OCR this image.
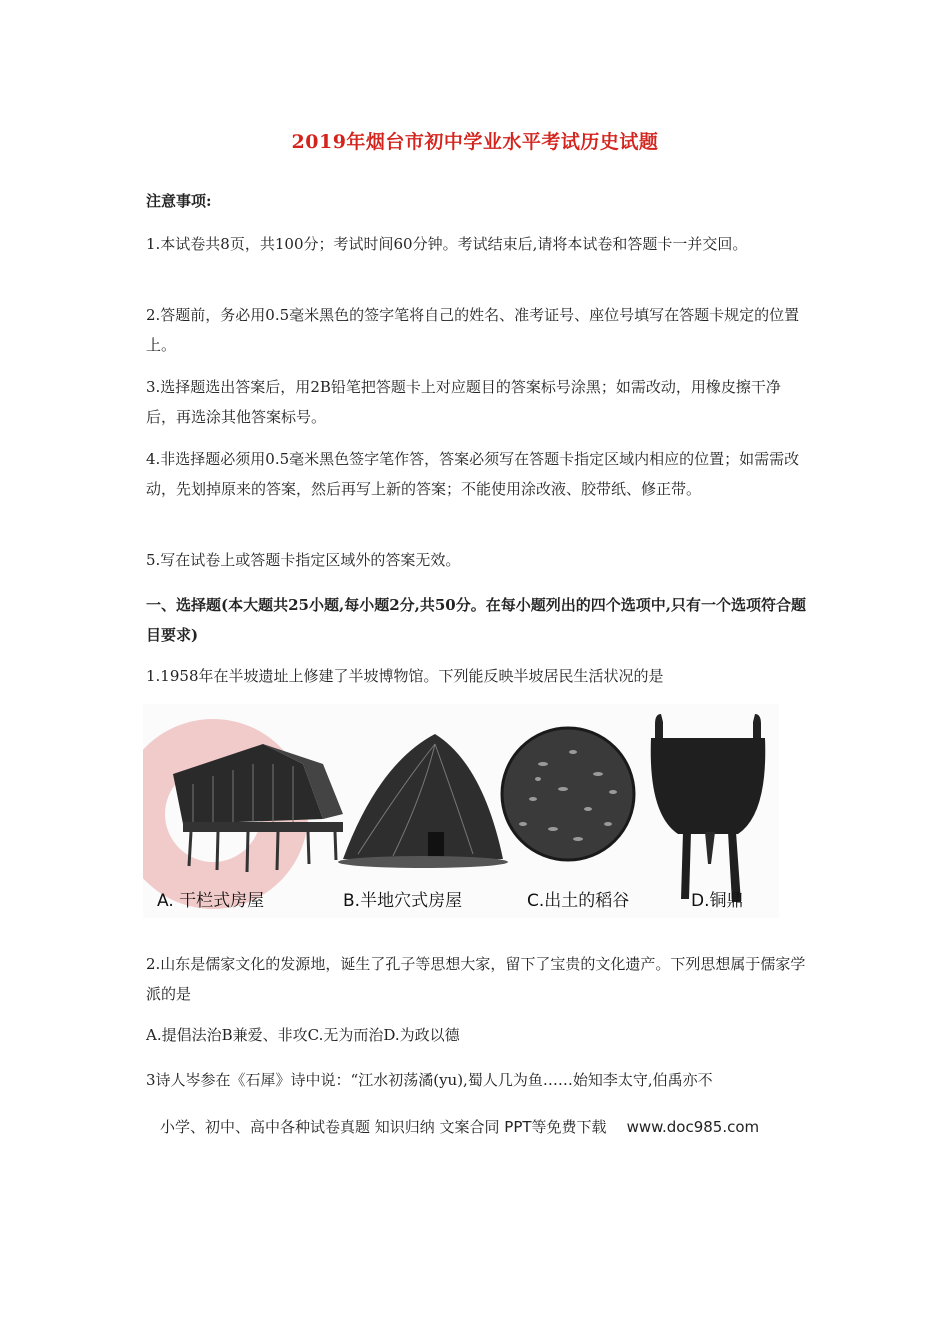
2019年烟台市初中学业水平考试历史试题

注意事项:

1.本试卷共8页，共100分；考试时间60分钟。考试结束后,请将本试卷和答题卡一并交回。

2.答题前，务必用0.5毫米黑色的签字笔将自己的姓名、准考证号、座位号填写在答题卡规定的位置上。

3.选择题选出答案后，用2B铅笔把答题卡上对应题目的答案标号涂黑；如需改动，用橡皮擦干净后，再选涂其他答案标号。

4.非选择题必须用0.5毫米黑色签字笔作答，答案必须写在答题卡指定区域内相应的位置；如需需改动，先划掉原来的答案，然后再写上新的答案；不能使用涂改液、胶带纸、修正带。

5.写在试卷上或答题卡指定区域外的答案无效。

一、选择题(本大题共25小题,每小题2分,共50分。在每小题列出的四个选项中,只有一个选项符合题目要求)

1.1958年在半坡遗址上修建了半坡博物馆。下列能反映半坡居民生活状况的是

A. 干栏式房屋	B.半地穴式房屋	C.出土的稻谷	D.铜鼎

2.山东是儒家文化的发源地，诞生了孔子等思想大家，留下了宝贵的文化遗产。下列思想属于儒家学派的是

A.提倡法治B兼爱、非攻C.无为而治D.为政以德

3诗人岑参在《石犀》诗中说：“江水初荡潏(yu),蜀人几为鱼……始知李太守,伯禹亦不

小学、初中、高中各种试卷真题 知识归纳 文案合同 PPT等免费下载 www.doc985.com
